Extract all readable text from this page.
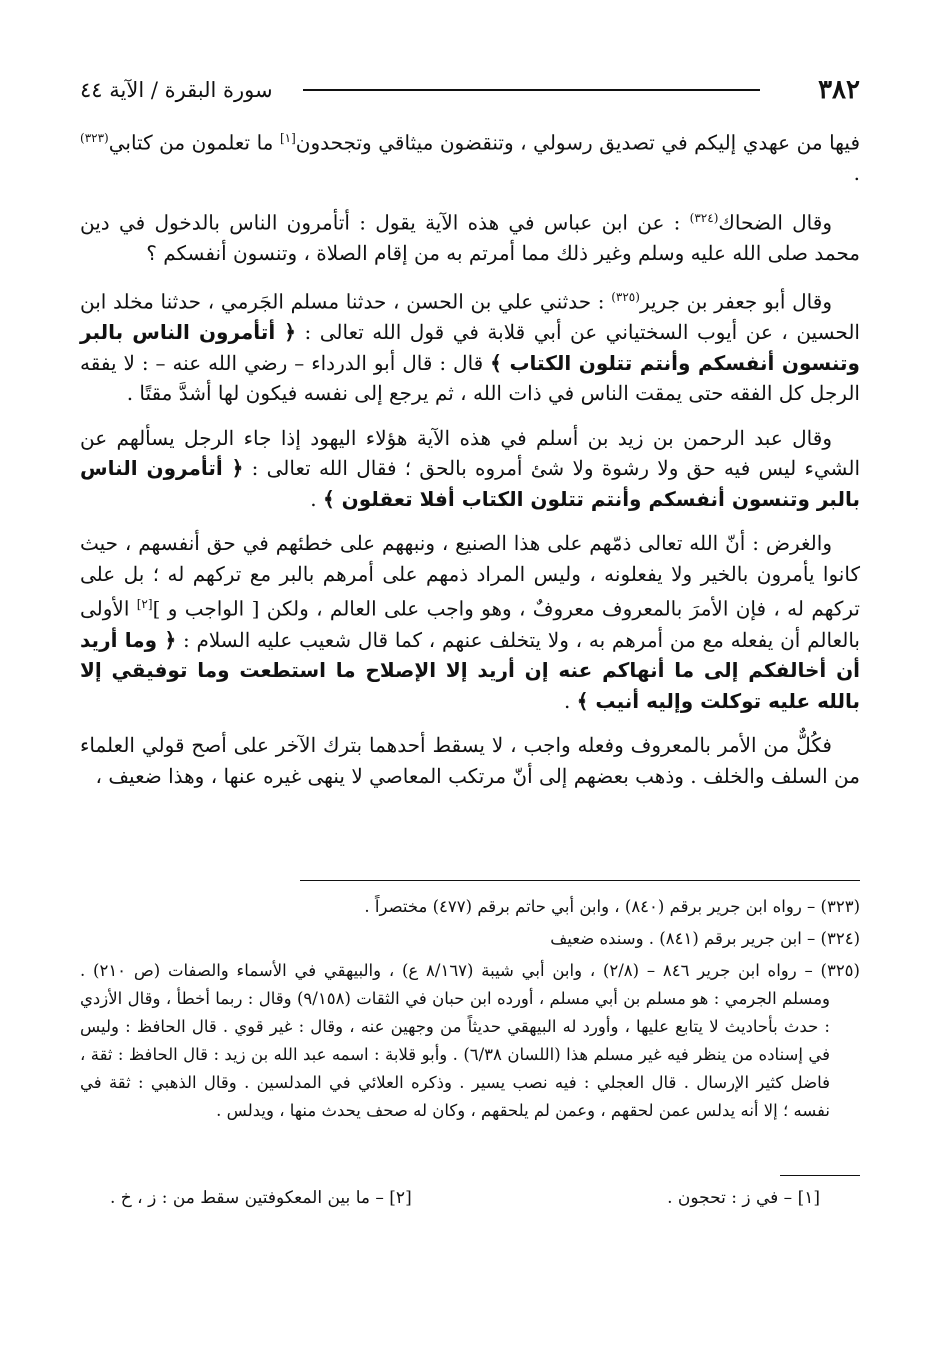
٣٨٢
سورة البقرة / الآية ٤٤

فيها من عهدي إليكم في تصديق رسولي ، وتنقضون ميثاقي وتجحدون[١] ما تعلمون من كتابي$^{(٣٢٣)}$ .

وقال الضحاك$^{(٣٢٤)}$ : عن ابن عباس في هذه الآية يقول : أتأمرون الناس بالدخول في دين محمد صلى الله عليه وسلم وغير ذلك مما أمرتم به من إقام الصلاة ، وتنسون أنفسكم ؟

وقال أبو جعفر بن جرير$^{(٣٢٥)}$ : حدثني علي بن الحسن ، حدثنا مسلم الجَرمي ، حدثنا مخلد ابن الحسين ، عن أيوب السختياني عن أبي قلابة في قول الله تعالى : ﴿ أتأمرون الناس بالبر وتنسون أنفسكم وأنتم تتلون الكتاب ﴾ قال : قال أبو الدرداء – رضي الله عنه – : لا يفقه الرجل كل الفقه حتى يمقت الناس في ذات الله ، ثم يرجع إلى نفسه فيكون لها أشدَّ مقتًا .

وقال عبد الرحمن بن زيد بن أسلم في هذه الآية هؤلاء اليهود إذا جاء الرجل يسألهم عن الشيء ليس فيه حق ولا رشوة ولا شئ أمروه بالحق ؛ فقال الله تعالى : ﴿ أتأمرون الناس بالبر وتنسون أنفسكم وأنتم تتلون الكتاب أفلا تعقلون ﴾ .

والغرض : أنّ الله تعالى ذمّهم على هذا الصنيع ، ونبههم على خطئهم في حق أنفسهم ، حيث كانوا يأمرون بالخير ولا يفعلونه ، وليس المراد ذمهم على أمرهم بالبر مع تركهم له ؛ بل على تركهم له ، فإن الأمرَ بالمعروف معروفٌ ، وهو واجب على العالم ، ولكن [ الواجب و ][٢] الأولى بالعالم أن يفعله مع من أمرهم به ، ولا يتخلف عنهم ، كما قال شعيب عليه السلام : ﴿ وما أريد أن أخالفكم إلى ما أنهاكم عنه إن أريد إلا الإصلاح ما استطعت وما توفيقي إلا بالله عليه توكلت وإليه أنيب ﴾ .

فكُلٌّ من الأمر بالمعروف وفعله واجب ، لا يسقط أحدهما بترك الآخر على أصح قولي العلماء من السلف والخلف . وذهب بعضهم إلى أنّ مرتكب المعاصي لا ينهى غيره عنها ، وهذا ضعيف ،

(٣٢٣) – رواه ابن جرير برقم (٨٤٠) ، وابن أبي حاتم برقم (٤٧٧) مختصراً .

(٣٢٤) – ابن جرير برقم (٨٤١) . وسنده ضعيف

(٣٢٥) – رواه ابن جرير ٨٤٦ – (٢/٨) ، وابن أبي شيبة (٨/١٦٧ ع) ، والبيهقي في الأسماء والصفات (ص ٢١٠) . ومسلم الجرمي : هو مسلم بن أبي مسلم ، أورده ابن حبان في الثقات (٩/١٥٨) وقال : ربما أخطأ ، وقال الأزدي : حدث بأحاديث لا يتابع عليها ، وأورد له البيهقي حديثاً من وجهين عنه ، وقال : غير قوي . قال الحافظ : وليس في إسناده من ينظر فيه غير مسلم هذا (اللسان ٦/٣٨) . وأبو قلابة : اسمه عبد الله بن زيد : قال الحافظ : ثقة ، فاضل كثير الإرسال . قال العجلي : فيه نصب يسير . وذكره العلائي في المدلسين . وقال الذهبي : ثقة في نفسه ؛ إلا أنه يدلس عمن لحقهم ، وعمن لم يلحقهم ، وكان له صحف يحدث منها ، ويدلس .

[١] – في ز : تحجون .
[٢] – ما بين المعكوفتين سقط من : ز ، خ .
